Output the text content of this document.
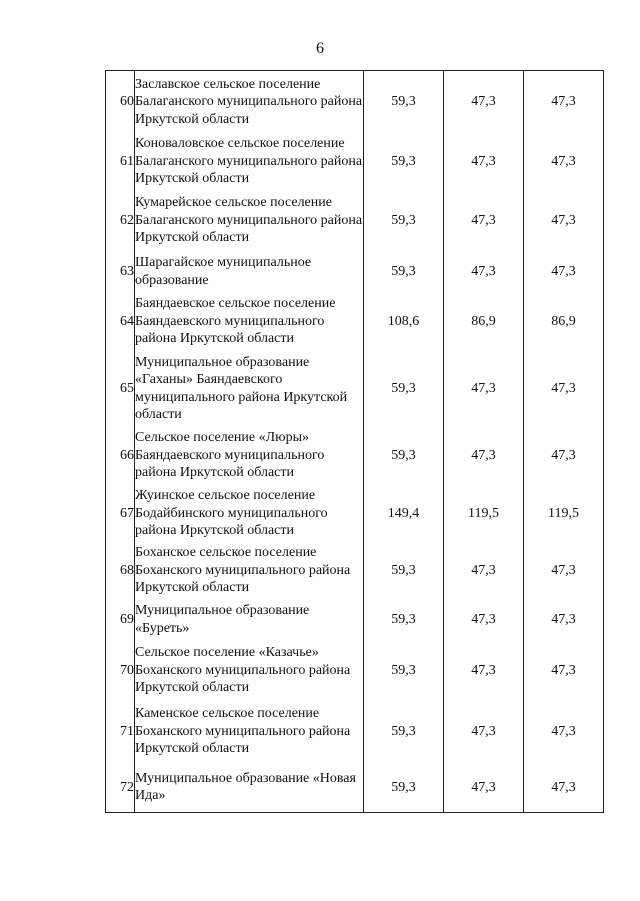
6
60	Заславское сельское поселение Балаганского муниципального района Иркутской области	59,3	47,3	47,3
61	Коноваловское сельское поселение Балаганского муниципального района Иркутской области	59,3	47,3	47,3
62	Кумарейское сельское поселение Балаганского муниципального района Иркутской области	59,3	47,3	47,3
63	Шарагайское муниципальное образование	59,3	47,3	47,3
64	Баяндаевское сельское поселение Баяндаевского муниципального района Иркутской области	108,6	86,9	86,9
65	Муниципальное образование «Гаханы» Баяндаевского муниципального района Иркутской области	59,3	47,3	47,3
66	Сельское поселение «Люры» Баяндаевского муниципального района Иркутской области	59,3	47,3	47,3
67	Жуинское сельское поселение Бодайбинского муниципального района Иркутской области	149,4	119,5	119,5
68	Боханское сельское поселение Боханского муниципального района Иркутской области	59,3	47,3	47,3
69	Муниципальное образование «Буреть»	59,3	47,3	47,3
70	Сельское поселение «Казачье» Боханского муниципального района Иркутской области	59,3	47,3	47,3
71	Каменское сельское поселение Боханского муниципального района Иркутской области	59,3	47,3	47,3
72	Муниципальное образование «Новая Ида»	59,3	47,3	47,3
